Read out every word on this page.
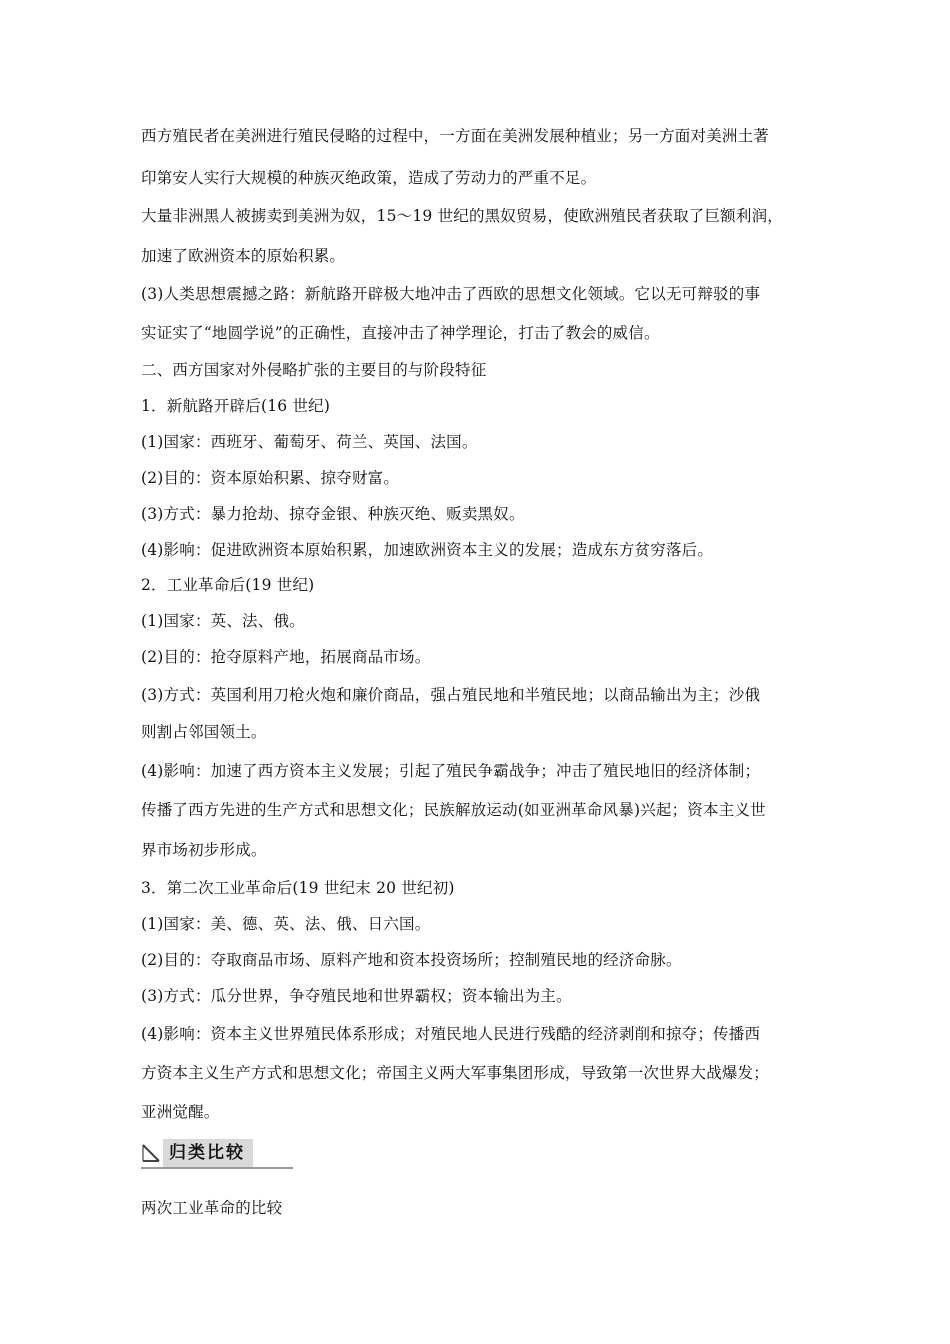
西方殖民者在美洲进行殖民侵略的过程中，一方面在美洲发展种植业；另一方面对美洲土著
印第安人实行大规模的种族灭绝政策，造成了劳动力的严重不足。
大量非洲黑人被掳卖到美洲为奴，15～19 世纪的黑奴贸易，使欧洲殖民者获取了巨额利润，
加速了欧洲资本的原始积累。
(3)人类思想震撼之路：新航路开辟极大地冲击了西欧的思想文化领域。它以无可辩驳的事
实证实了“地圆学说”的正确性，直接冲击了神学理论，打击了教会的威信。
二、西方国家对外侵略扩张的主要目的与阶段特征
1．新航路开辟后(16 世纪)
(1)国家：西班牙、葡萄牙、荷兰、英国、法国。
(2)目的：资本原始积累、掠夺财富。
(3)方式：暴力抢劫、掠夺金银、种族灭绝、贩卖黑奴。
(4)影响：促进欧洲资本原始积累，加速欧洲资本主义的发展；造成东方贫穷落后。
2．工业革命后(19 世纪)
(1)国家：英、法、俄。
(2)目的：抢夺原料产地，拓展商品市场。
(3)方式：英国利用刀枪火炮和廉价商品，强占殖民地和半殖民地；以商品输出为主；沙俄
则割占邻国领土。
(4)影响：加速了西方资本主义发展；引起了殖民争霸战争；冲击了殖民地旧的经济体制；
传播了西方先进的生产方式和思想文化；民族解放运动(如亚洲革命风暴)兴起；资本主义世
界市场初步形成。
3．第二次工业革命后(19 世纪末 20 世纪初)
(1)国家：美、德、英、法、俄、日六国。
(2)目的：夺取商品市场、原料产地和资本投资场所；控制殖民地的经济命脉。
(3)方式：瓜分世界，争夺殖民地和世界霸权；资本输出为主。
(4)影响：资本主义世界殖民体系形成；对殖民地人民进行残酷的经济剥削和掠夺；传播西
方资本主义生产方式和思想文化；帝国主义两大军事集团形成，导致第一次世界大战爆发；
亚洲觉醒。
归类比较
两次工业革命的比较
